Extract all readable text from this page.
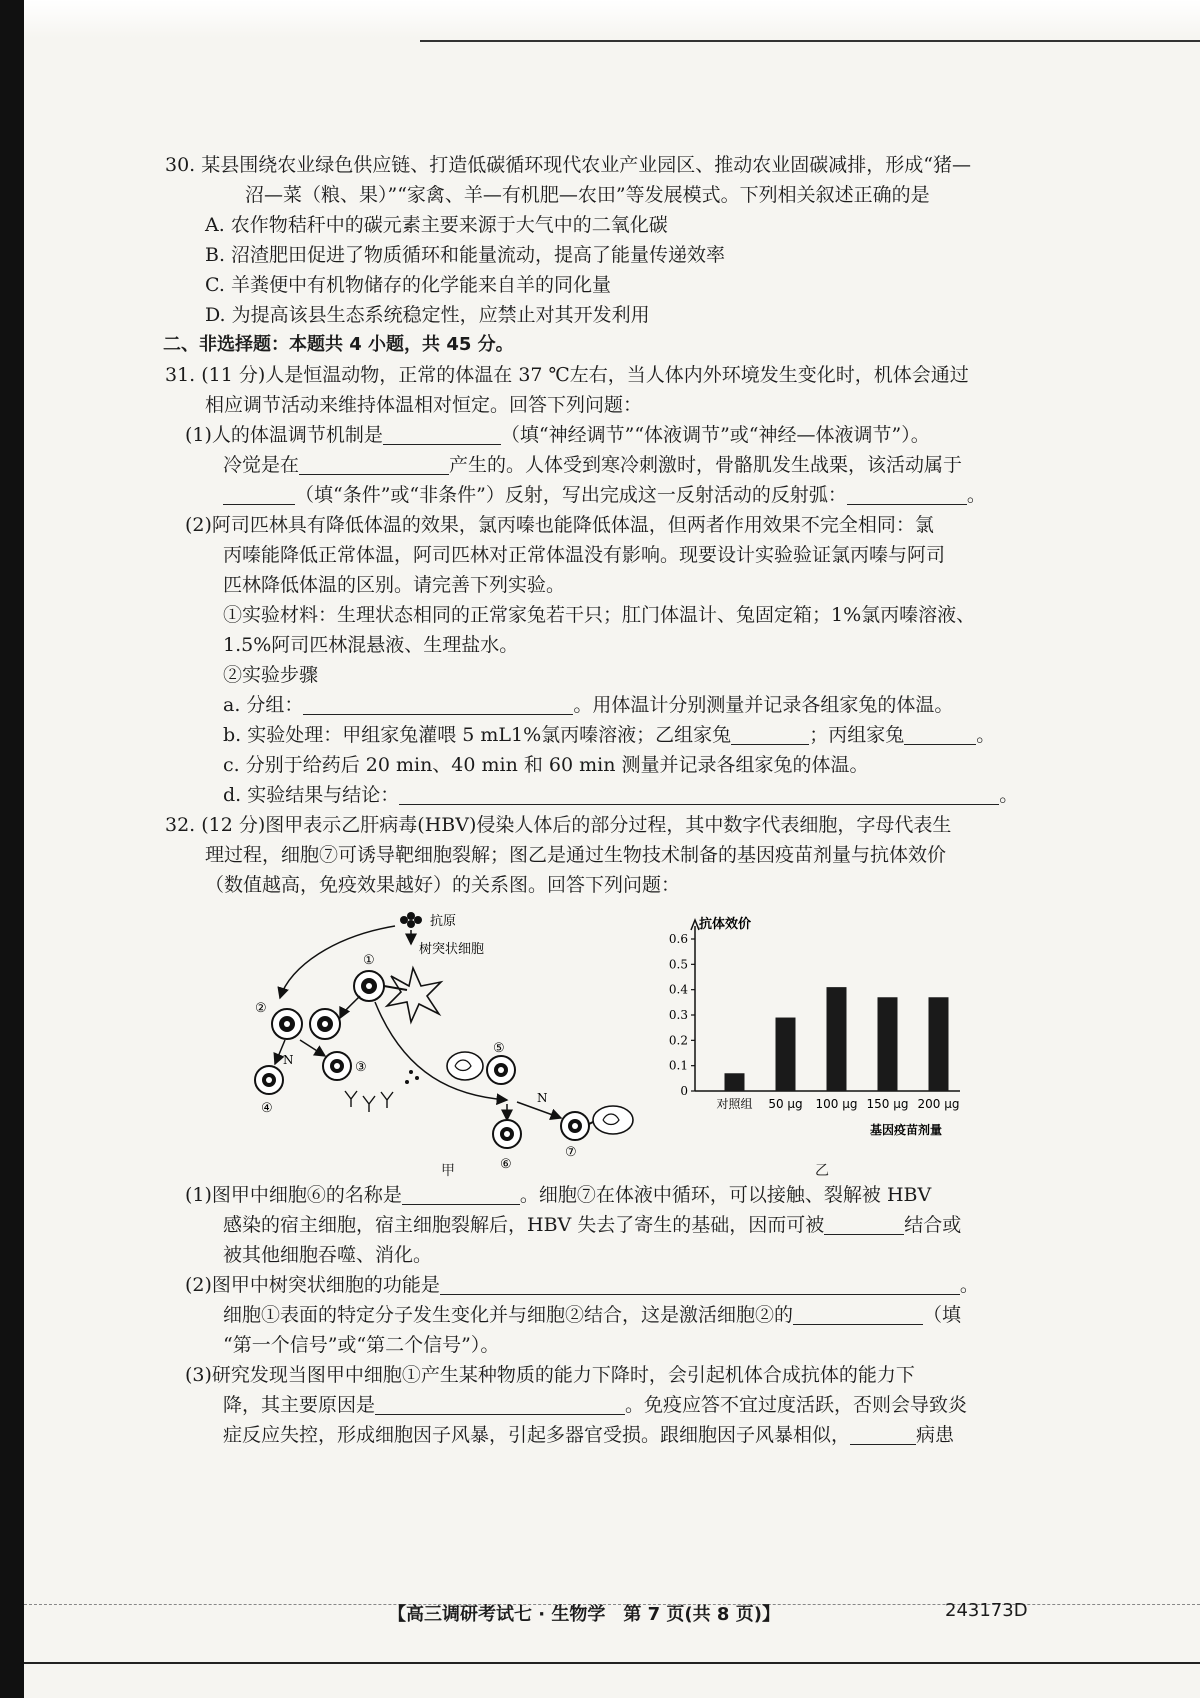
30. 某县围绕农业绿色供应链、打造低碳循环现代农业产业园区、推动农业固碳减排，形成“猪—
沼—菜（粮、果）”“家禽、羊—有机肥—农田”等发展模式。下列相关叙述正确的是

A. 农作物秸秆中的碳元素主要来源于大气中的二氧化碳

B. 沼渣肥田促进了物质循环和能量流动，提高了能量传递效率

C. 羊粪便中有机物储存的化学能来自羊的同化量

D. 为提高该县生态系统稳定性，应禁止对其开发利用

二、非选择题：本题共 4 小题，共 45 分。

31. (11 分)人是恒温动物，正常的体温在 37 ℃左右，当人体内外环境发生变化时，机体会通过

相应调节活动来维持体温相对恒定。回答下列问题：

(1)人的体温调节机制是	（填“神经调节”“体液调节”或“神经—体液调节”）。

冷觉是在	产生的。人体受到寒冷刺激时，骨骼肌发生战栗，该活动属于

（填“条件”或“非条件”）反射，写出完成这一反射活动的反射弧：	。

(2)阿司匹林具有降低体温的效果，氯丙嗪也能降低体温，但两者作用效果不完全相同：氯

丙嗪能降低正常体温，阿司匹林对正常体温没有影响。现要设计实验验证氯丙嗪与阿司

匹林降低体温的区别。请完善下列实验。

①实验材料：生理状态相同的正常家兔若干只；肛门体温计、兔固定箱；1%氯丙嗪溶液、

1.5%阿司匹林混悬液、生理盐水。

②实验步骤

a. 分组：	。用体温计分别测量并记录各组家兔的体温。

b. 实验处理：甲组家兔灌喂 5 mL1%氯丙嗪溶液；乙组家兔	；丙组家兔	。

c. 分别于给药后 20 min、40 min 和 60 min 测量并记录各组家兔的体温。

d. 实验结果与结论：	。

32. (12 分)图甲表示乙肝病毒(HBV)侵染人体后的部分过程，其中数字代表细胞，字母代表生

理过程，细胞⑦可诱导靶细胞裂解；图乙是通过生物技术制备的基因疫苗剂量与抗体效价

（数值越高，免疫效果越好）的关系图。回答下列问题：

抗原
树突状细胞
①
②
N
④
③
⑤
⑥
N
⑦
甲
抗体效价
基因疫苗剂量
0
0.1
0.2
0.3
0.4
0.5
0.6
对照组 50 μg 100 μg 150 μg 200 μg
乙

(1)图甲中细胞⑥的名称是	。细胞⑦在体液中循环，可以接触、裂解被 HBV

感染的宿主细胞，宿主细胞裂解后，HBV 失去了寄生的基础，因而可被	结合或

被其他细胞吞噬、消化。

(2)图甲中树突状细胞的功能是	。

细胞①表面的特定分子发生变化并与细胞②结合，这是激活细胞②的	（填

“第一个信号”或“第二个信号”）。

(3)研究发现当图甲中细胞①产生某种物质的能力下降时，会引起机体合成抗体的能力下

降，其主要原因是	。免疫应答不宜过度活跃，否则会导致炎

症反应失控，形成细胞因子风暴，引起多器官受损。跟细胞因子风暴相似，	病患

【高三调研考试七 · 生物学　第 7 页(共 8 页)】	243173D
